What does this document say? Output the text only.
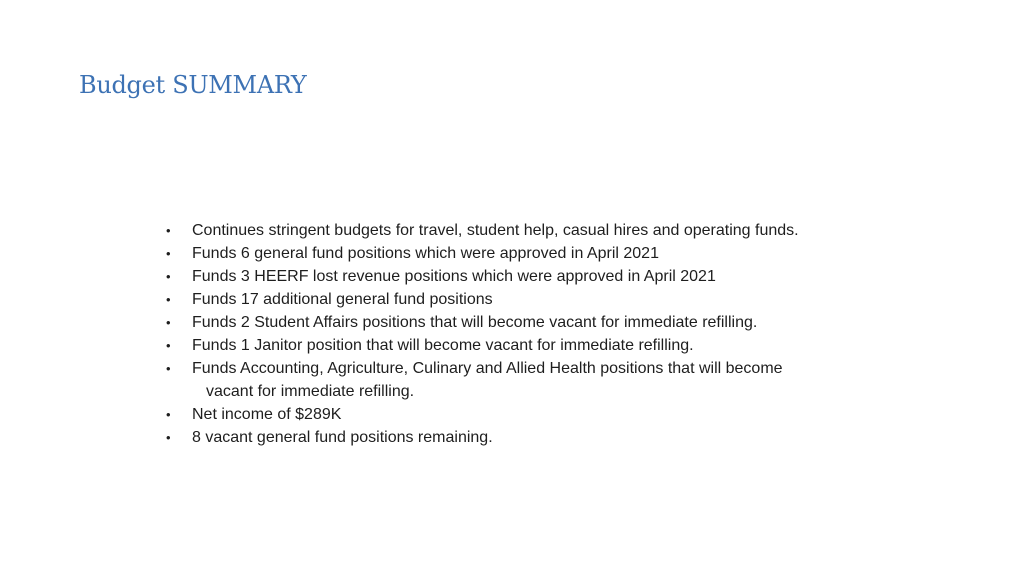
Budget SUMMARY
•	Continues stringent budgets for travel, student help, casual hires and operating funds.
•	Funds 6 general fund positions which were approved in April 2021
•	Funds 3 HEERF lost revenue positions which were approved in April 2021
•	Funds 17 additional general fund positions
•	Funds 2 Student Affairs positions that will become vacant for immediate refilling.
•	Funds 1 Janitor position that will become vacant for immediate refilling.
•	Funds Accounting, Agriculture, Culinary and Allied Health positions that will become
vacant for immediate refilling.
•	Net income of $289K
•	8 vacant general fund positions remaining.
